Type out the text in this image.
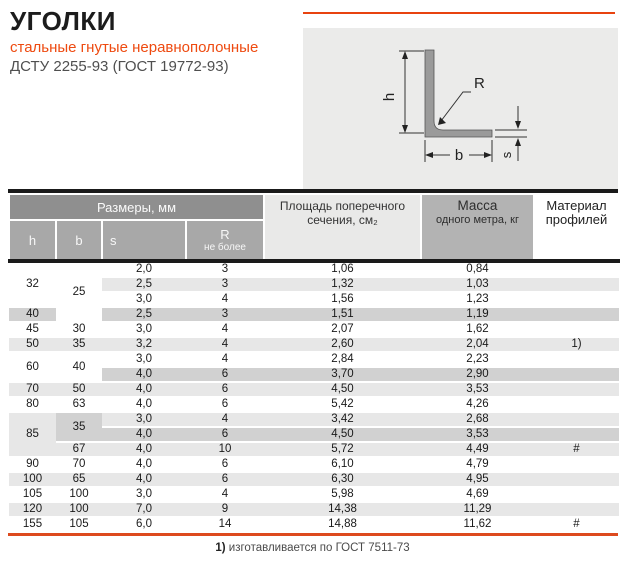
УГОЛКИ
стальные гнутые неравнополочные
ДСТУ 2255-93 (ГОСТ 19772-93)
h
R
b	s
Размеры, мм	Площадь поперечного
сечения, см₂

Масса
одного метра, кг

Материал
профилей

h	b	s	R
не более			

32	25	2,0	3	1,06	0,84	
		2,5	3	1,32	1,03	
		3,0	4	1,56	1,23	
40		2,5	3	1,51	1,19	
45	30	3,0	4	2,07	1,62	
50	35	3,2	4	2,60	2,04	1)
60	40	3,0	4	2,84	2,23	
		4,0	6	3,70	2,90	
70	50	4,0	6	4,50	3,53	
80	63	4,0	6	5,42	4,26	
85	35	3,0	4	3,42	2,68	
		4,0	6	4,50	3,53	
	67	4,0	10	5,72	4,49	#
90	70	4,0	6	6,10	4,79	
100	65	4,0	6	6,30	4,95	
105	100	3,0	4	5,98	4,69	
120	100	7,0	9	14,38	11,29	
155	105	6,0	14	14,88	11,62	#
1) изготавливается по ГОСТ 7511-73
